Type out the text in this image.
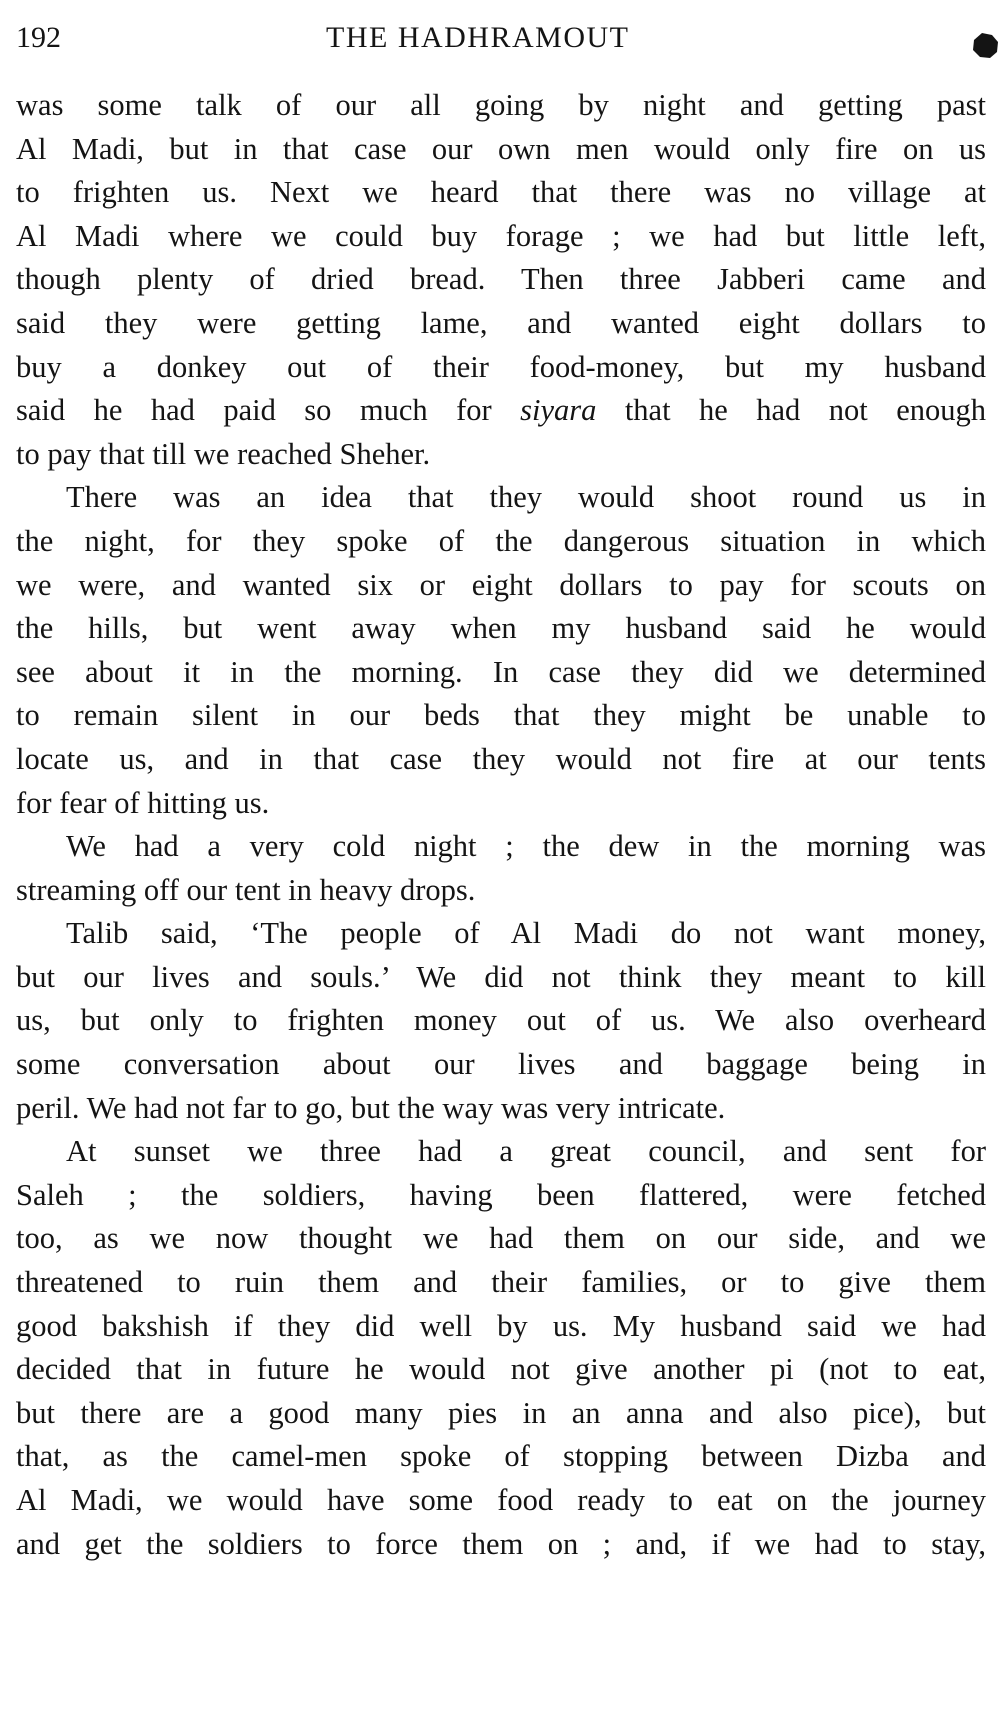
192	THE HADHRAMOUT
was some talk of our all going by night and getting past
Al Madi, but in that case our own men would only fire on us
to frighten us. Next we heard that there was no village at
Al Madi where we could buy forage ; we had but little left,
though plenty of dried bread. Then three Jabberi came and
said they were getting lame, and wanted eight dollars to
buy a donkey out of their food-money, but my husband
said he had paid so much for siyara that he had not enough
to pay that till we reached Sheher.
There was an idea that they would shoot round us in
the night, for they spoke of the dangerous situation in which
we were, and wanted six or eight dollars to pay for scouts on
the hills, but went away when my husband said he would
see about it in the morning. In case they did we determined
to remain silent in our beds that they might be unable to
locate us, and in that case they would not fire at our tents
for fear of hitting us.
We had a very cold night ; the dew in the morning was
streaming off our tent in heavy drops.
Talib said, ‘The people of Al Madi do not want money,
but our lives and souls.’ We did not think they meant to kill
us, but only to frighten money out of us. We also overheard
some conversation about our lives and baggage being in
peril. We had not far to go, but the way was very intricate.
At sunset we three had a great council, and sent for
Saleh ; the soldiers, having been flattered, were fetched
too, as we now thought we had them on our side, and we
threatened to ruin them and their families, or to give them
good bakshish if they did well by us. My husband said we had
decided that in future he would not give another pi (not to eat,
but there are a good many pies in an anna and also pice), but
that, as the camel-men spoke of stopping between Dizba and
Al Madi, we would have some food ready to eat on the journey
and get the soldiers to force them on ; and, if we had to stay,
